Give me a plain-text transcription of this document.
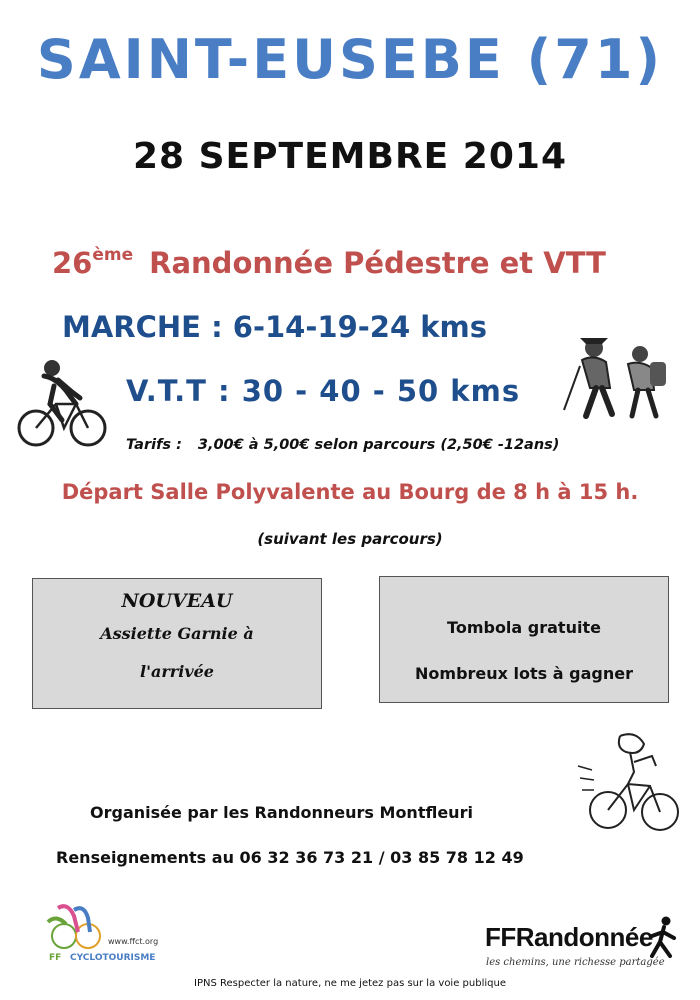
SAINT-EUSEBE (71)
28 SEPTEMBRE 2014
26ème Randonnée Pédestre et VTT
MARCHE : 6-14-19-24 kms
V.T.T : 30 - 40 - 50 kms
Tarifs : 3,00€ à 5,00€ selon parcours (2,50€ -12ans)
Départ Salle Polyvalente au Bourg de 8 h à 15 h.
(suivant les parcours)
NOUVEAU
Assiette Garnie à
l'arrivée
Tombola gratuite
Nombreux lots à gagner
Organisée par les Randonneurs Montfleuri
Renseignements au 06 32 36 73 21 / 03 85 78 12 49
www.ffct.org
FF CYCLOTOURISME
FFRandonnée
les chemins, une richesse partagée
IPNS Respecter la nature, ne me jetez pas sur la voie publique
